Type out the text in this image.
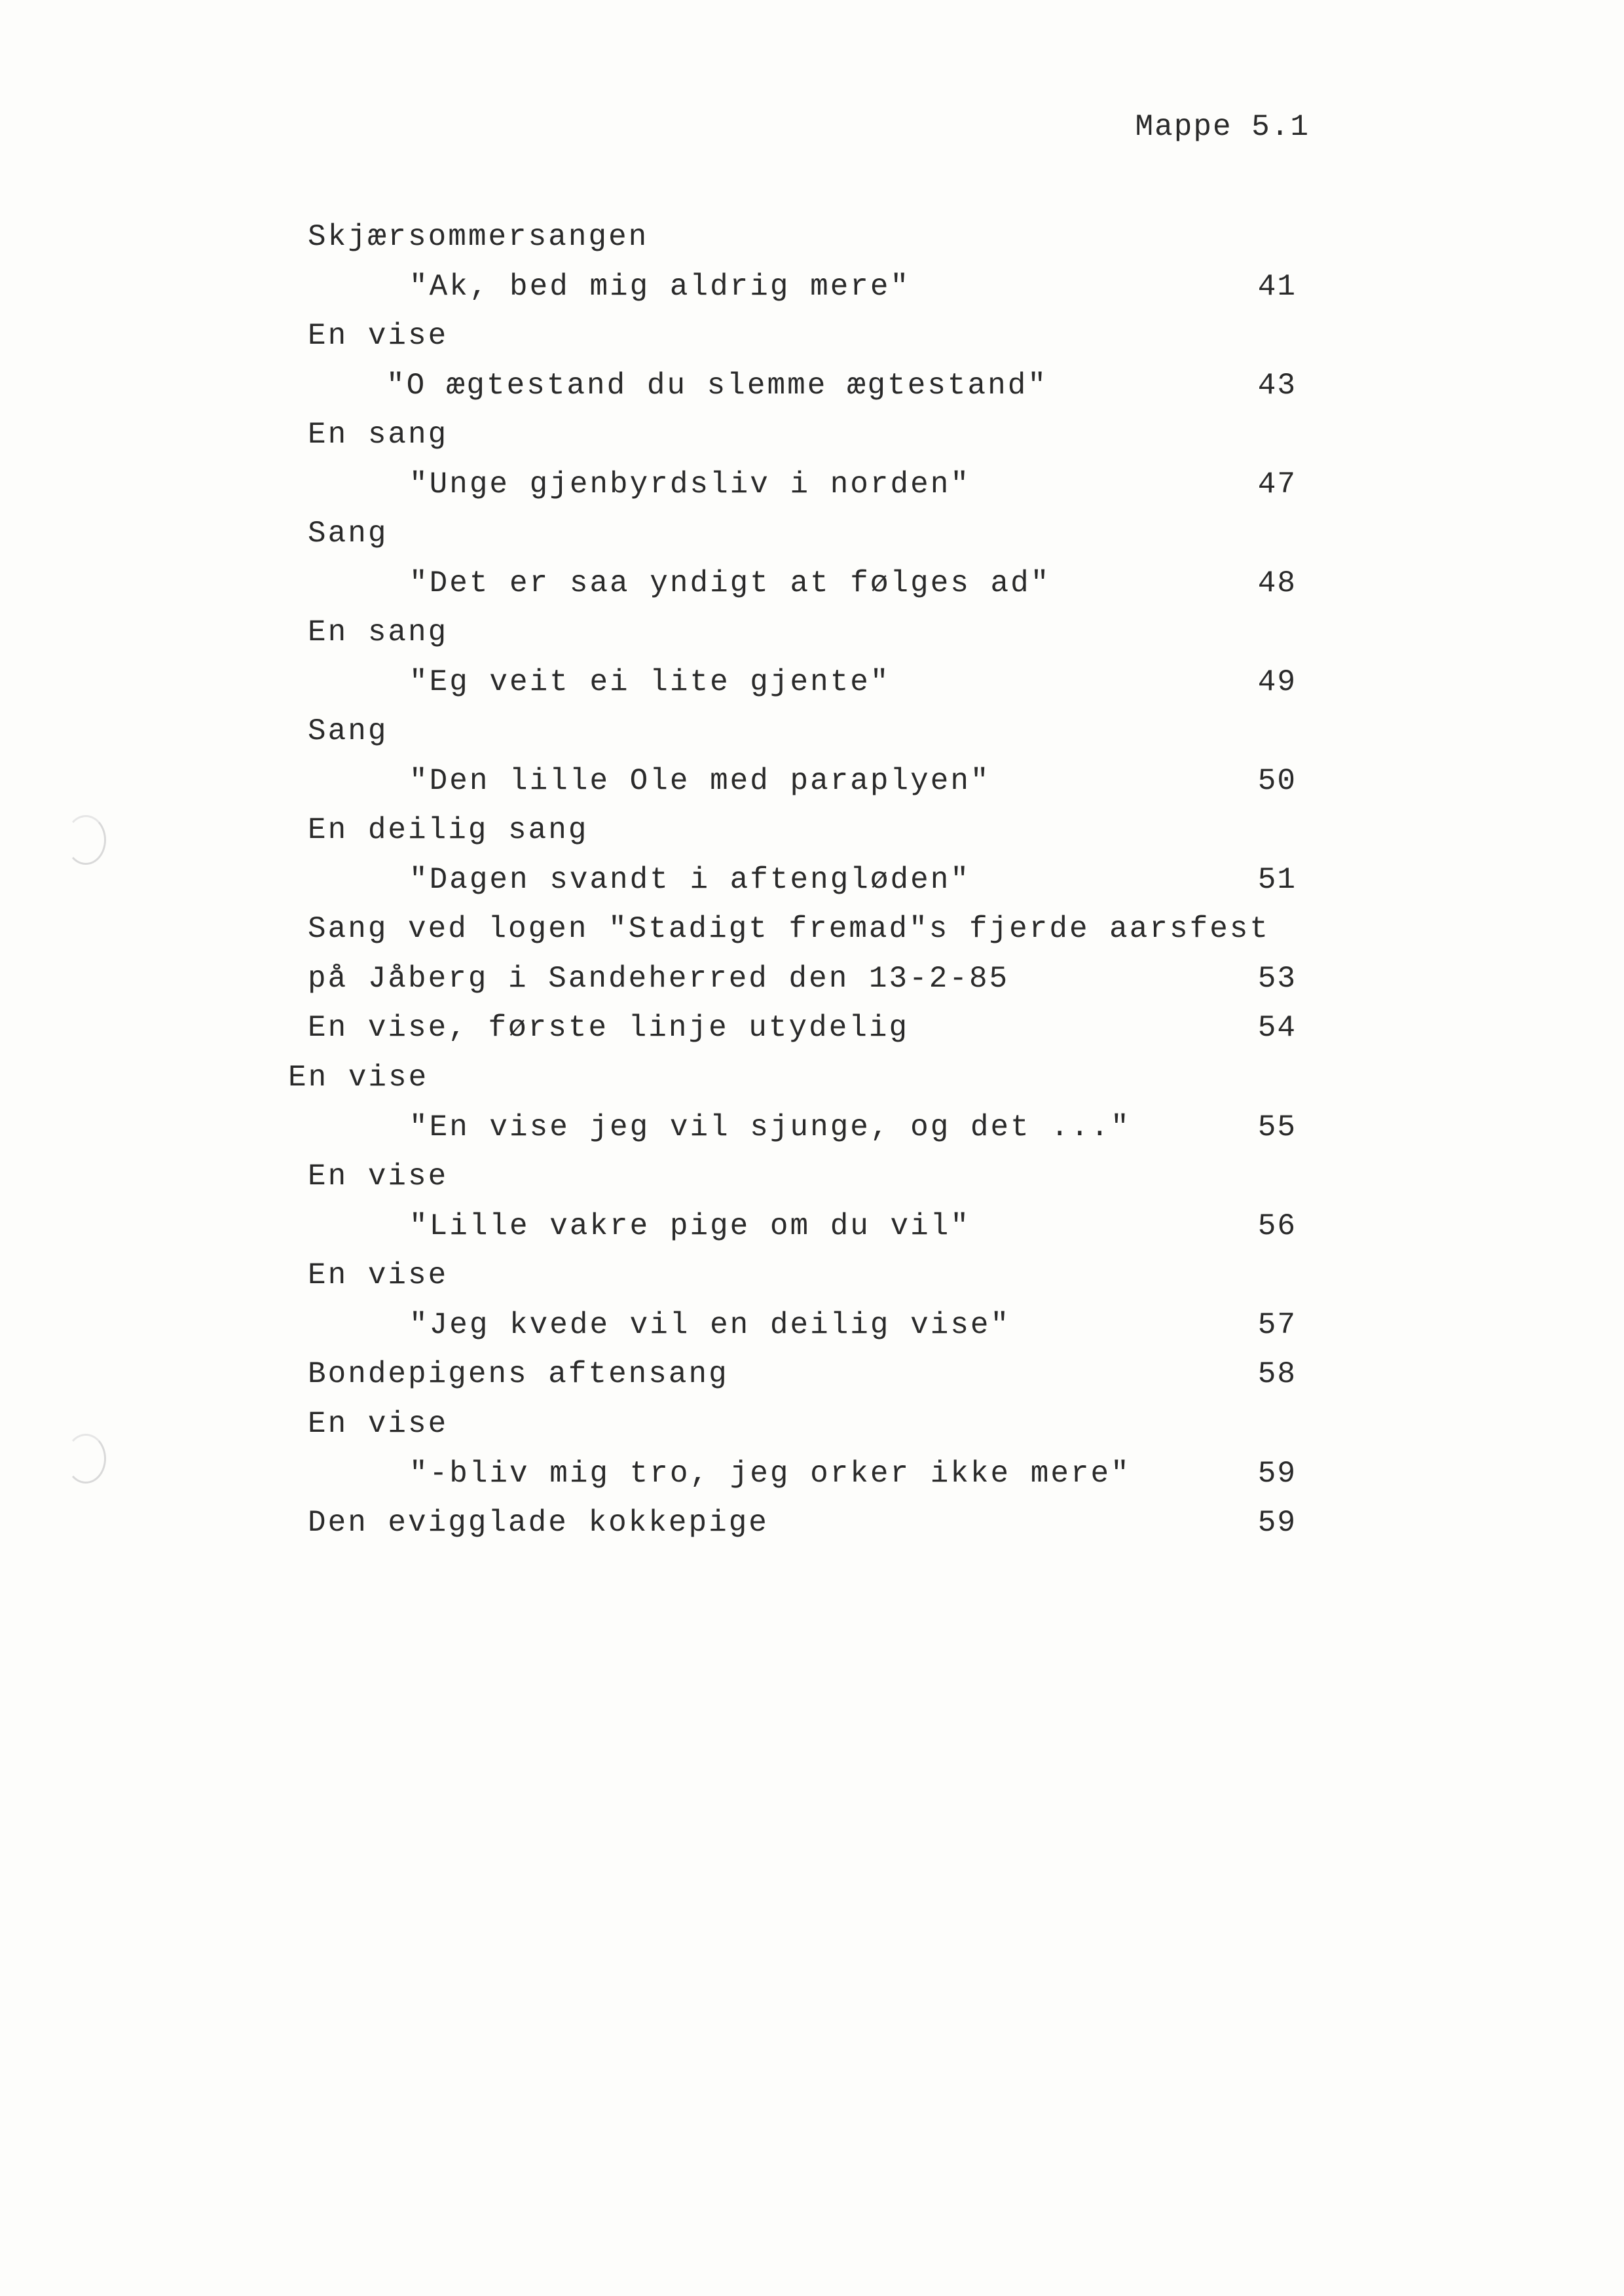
Mappe 5.1
Skjærsommersangen
"Ak, bed mig aldrig mere"	41
En vise
"O ægtestand du slemme ægtestand"	43
En sang
"Unge gjenbyrdsliv i norden"	47
Sang
"Det er saa yndigt at følges ad"	48
En sang
"Eg veit ei lite gjente"	49
Sang
"Den lille Ole med paraplyen"	50
En deilig sang
"Dagen svandt i aftengløden"	51
Sang ved logen "Stadigt fremad"s fjerde aarsfest
på Jåberg i Sandeherred den 13-2-85	53
En vise, første linje utydelig	54
En vise
"En vise jeg vil sjunge, og det ..."	55
En vise
"Lille vakre pige om du vil"	56
En vise
"Jeg kvede vil en deilig vise"	57
Bondepigens aftensang	58
En vise
"-bliv mig tro, jeg orker ikke mere"	59
Den evigglade kokkepige	59
